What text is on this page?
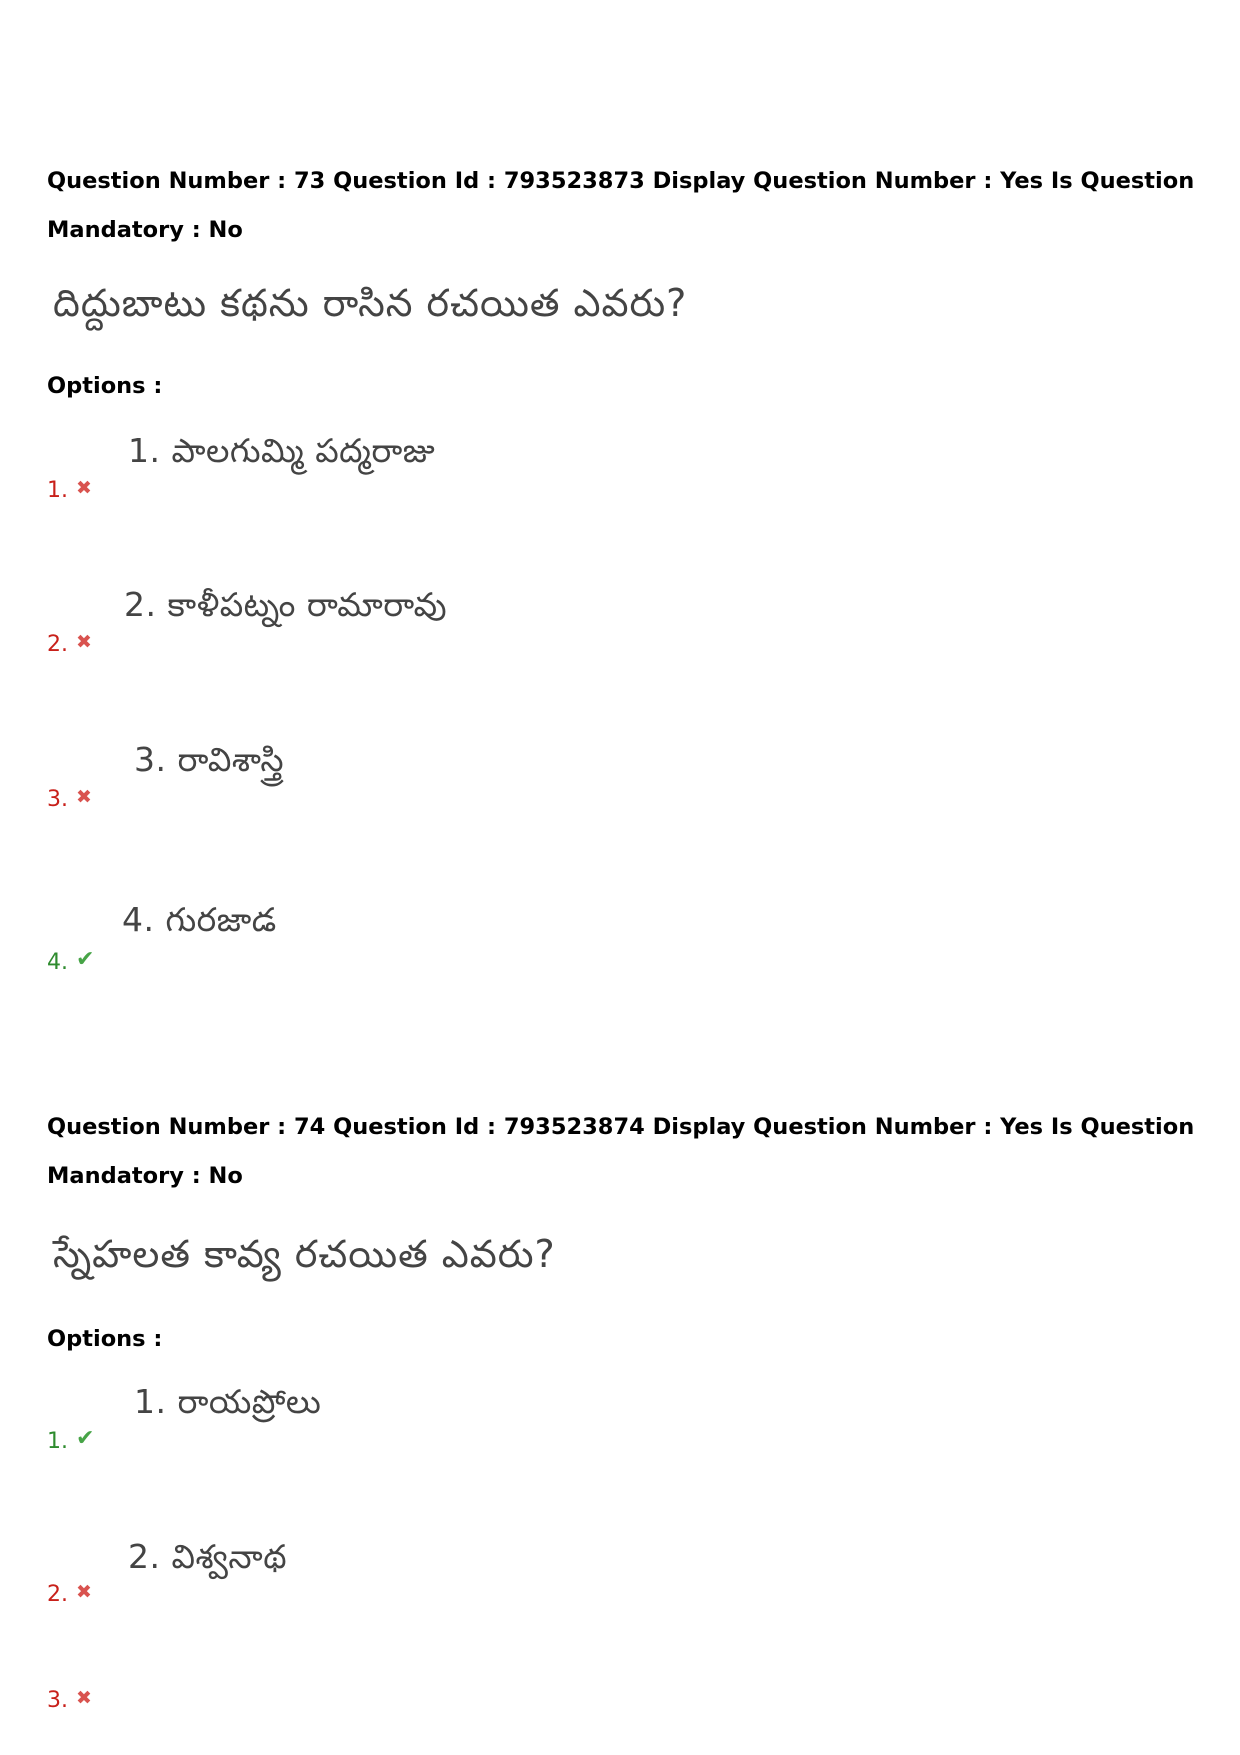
Question Number : 73 Question Id : 793523873 Display Question Number : Yes Is Question
Mandatory : No
దిద్దుబాటు కథను రాసిన రచయిత ఎవరు?
Options :
1. పాలగుమ్మి పద్మరాజు
1. ✖
2. కాళీపట్నం రామారావు
2. ✖
3. రావిశాస్త్రి
3. ✖
4. గురజాడ
4. ✔
Question Number : 74 Question Id : 793523874 Display Question Number : Yes Is Question
Mandatory : No
స్నేహలత కావ్య రచయిత ఎవరు?
Options :
1. రాయప్రోలు
1. ✔
2. విశ్వనాథ
2. ✖
3. ✖
